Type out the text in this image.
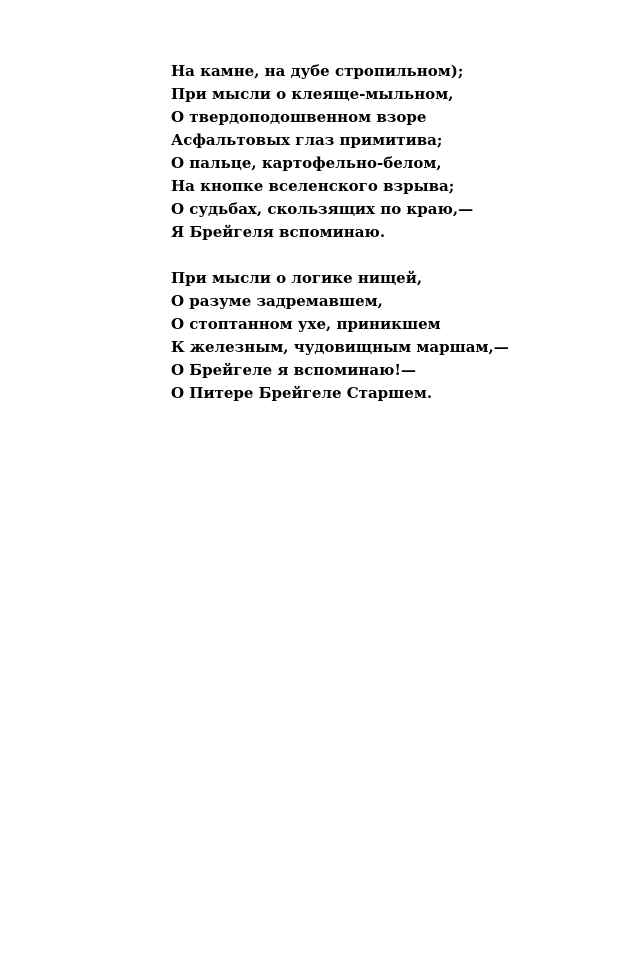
На камне, на дубе стропильном);
При мысли о клеяще-мыльном,
О твердоподошвенном взоре
Асфальтовых глаз примитива;
О пальце, картофельно-белом,
На кнопке вселенского взрыва;
О судьбах, скользящих по краю,—
Я Брейгеля вспоминаю.
При мысли о логике нищей,
О разуме задремавшем,
О стоптанном ухе, приникшем
К железным, чудовищным маршам,—
О Брейгеле я вспоминаю!—
О Питере Брейгеле Старшем.
